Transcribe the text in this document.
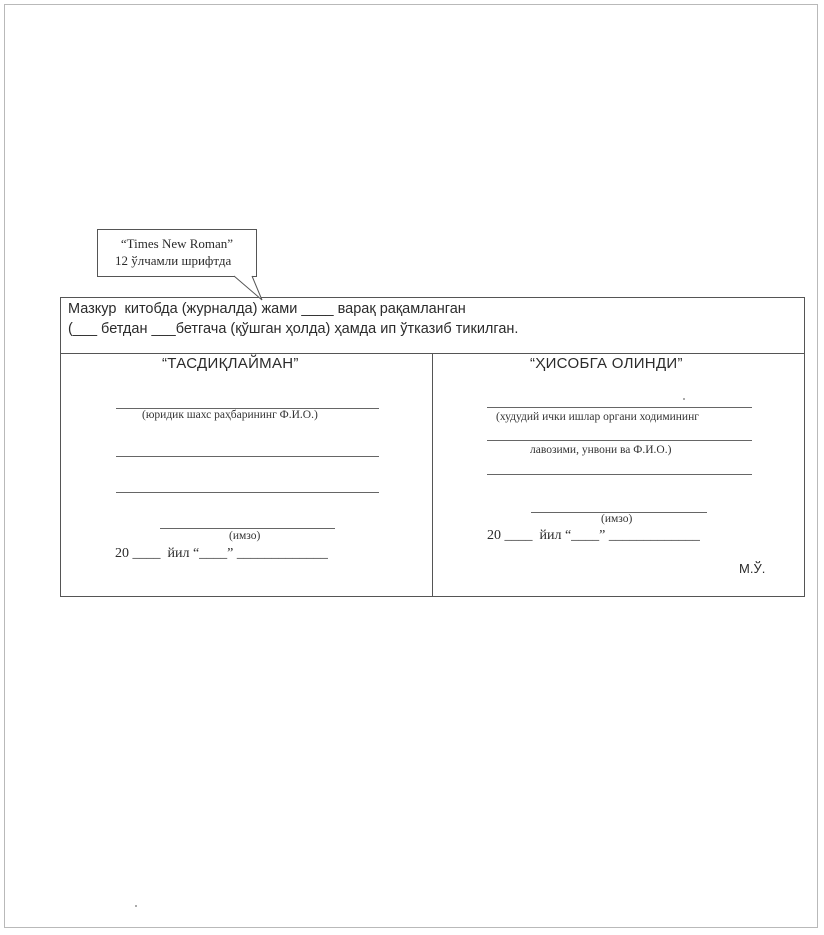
“Times New Roman”
12 ўлчамли шрифтда
Мазкур  китобда (журналда) жами ____ варақ рақамланган
(___ бетдан ___бетгача (қўшган ҳолда) ҳамда ип ўтказиб тикилган.
“ТАСДИҚЛАЙМАН”
(юридик шахс раҳбарининг Ф.И.О.)
(имзо)
20 ____  йил “____” _____________
“ҲИСОБГА ОЛИНДИ”
(худудий ички ишлар органи ходимининг
лавозими, унвони ва Ф.И.О.)
(имзо)
20 ____  йил “____” _____________
М.Ў.
